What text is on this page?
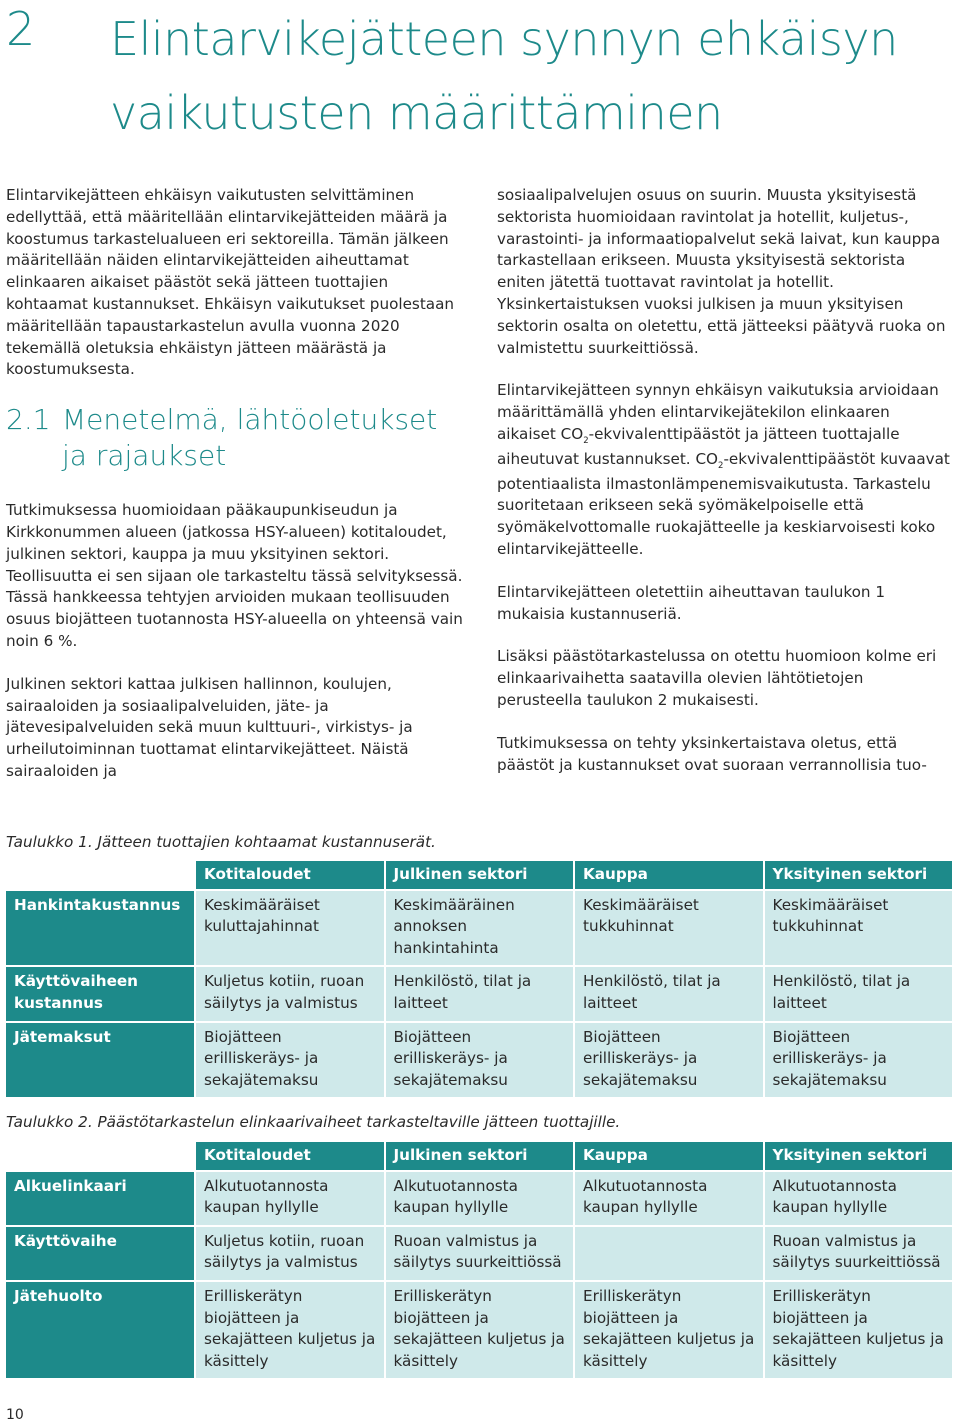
2 Elintarvikejätteen synnyn ehkäisyn vaikutusten määrittäminen

Elintarvikejätteen ehkäisyn vaikutusten selvittäminen edellyttää, että määritellään elintarvikejätteiden määrä ja koostumus tarkastelualueen eri sektoreilla. Tämän jälkeen määritellään näiden elintarvikejätteiden aiheuttamat elinkaaren aikaiset päästöt sekä jätteen tuottajien kohtaamat kustannukset. Ehkäisyn vaikutukset puolestaan määritellään tapaustarkastelun avulla vuonna 2020 tekemällä oletuksia ehkäistyn jätteen määrästä ja koostumuksesta.

2.1 Menetelmä, lähtöoletukset ja rajaukset

Tutkimuksessa huomioidaan pääkaupunkiseudun ja Kirkkonummen alueen (jatkossa HSY-alueen) kotitaloudet, julkinen sektori, kauppa ja muu yksityinen sektori. Teollisuutta ei sen sijaan ole tarkasteltu tässä selvityksessä. Tässä hankkeessa tehtyjen arvioiden mukaan teollisuuden osuus biojätteen tuotannosta HSY-alueella on yhteensä vain noin 6 %.

Julkinen sektori kattaa julkisen hallinnon, koulujen, sairaaloiden ja sosiaalipalveluiden, jäte- ja jätevesipalveluiden sekä muun kulttuuri-, virkistys- ja urheilutoiminnan tuottamat elintarvikejätteet. Näistä sairaaloiden ja

sosiaalipalvelujen osuus on suurin. Muusta yksityisestä sektorista huomioidaan ravintolat ja hotellit, kuljetus-, varastointi- ja informaatiopalvelut sekä laivat, kun kauppa tarkastellaan erikseen. Muusta yksityisestä sektorista eniten jätettä tuottavat ravintolat ja hotellit. Yksinkertaistuksen vuoksi julkisen ja muun yksityisen sektorin osalta on oletettu, että jätteeksi päätyvä ruoka on valmistettu suurkeittiössä.

Elintarvikejätteen synnyn ehkäisyn vaikutuksia arvioidaan määrittämällä yhden elintarvikejätekilon elinkaaren aikaiset $CO_2$-ekvivalenttipäästöt ja jätteen tuottajalle aiheutuvat kustannukset. $CO_2$-ekvivalenttipäästöt kuvaavat potentiaalista ilmastonlämpenemisvaikutusta. Tarkastelu suoritetaan erikseen sekä syömäkelpoiselle että syömäkelvottomalle ruokajätteelle ja keskiarvoisesti koko elintarvikejätteelle.

Elintarvikejätteen oletettiin aiheuttavan taulukon 1 mukaisia kustannuseriä.

Lisäksi päästötarkastelussa on otettu huomioon kolme eri elinkaarivaihetta saatavilla olevien lähtötietojen perusteella taulukon 2 mukaisesti.

Tutkimuksessa on tehty yksinkertaistava oletus, että päästöt ja kustannukset ovat suoraan verrannollisia tuo-

Taulukko 1. Jätteen tuottajien kohtaamat kustannuserät.
	Kotitaloudet	Julkinen sektori	Kauppa	Yksityinen sektori
Hankintakustannus	Keskimääräiset kuluttajahinnat	Keskimääräinen annoksen hankintahinta	Keskimääräiset tukkuhinnat	Keskimääräiset tukkuhinnat
Käyttövaiheen kustannus	Kuljetus kotiin, ruoan säilytys ja valmistus	Henkilöstö, tilat ja laitteet	Henkilöstö, tilat ja laitteet	Henkilöstö, tilat ja laitteet
Jätemaksut	Biojätteen erilliskeräys- ja sekajätemaksu	Biojätteen erilliskeräys- ja sekajätemaksu	Biojätteen erilliskeräys- ja sekajätemaksu	Biojätteen erilliskeräys- ja sekajätemaksu
Taulukko 2. Päästötarkastelun elinkaarivaiheet tarkasteltaville jätteen tuottajille.
	Kotitaloudet	Julkinen sektori	Kauppa	Yksityinen sektori
Alkuelinkaari	Alkutuotannosta kaupan hyllylle	Alkutuotannosta kaupan hyllylle	Alkutuotannosta kaupan hyllylle	Alkutuotannosta kaupan hyllylle
Käyttövaihe	Kuljetus kotiin, ruoan säilytys ja valmistus	Ruoan valmistus ja säilytys suurkeittiössä		Ruoan valmistus ja säilytys suurkeittiössä
Jätehuolto	Erilliskerätyn biojätteen ja sekajätteen kuljetus ja käsittely	Erilliskerätyn biojätteen ja sekajätteen kuljetus ja käsittely	Erilliskerätyn biojätteen ja sekajätteen kuljetus ja käsittely	Erilliskerätyn biojätteen ja sekajätteen kuljetus ja käsittely
10
